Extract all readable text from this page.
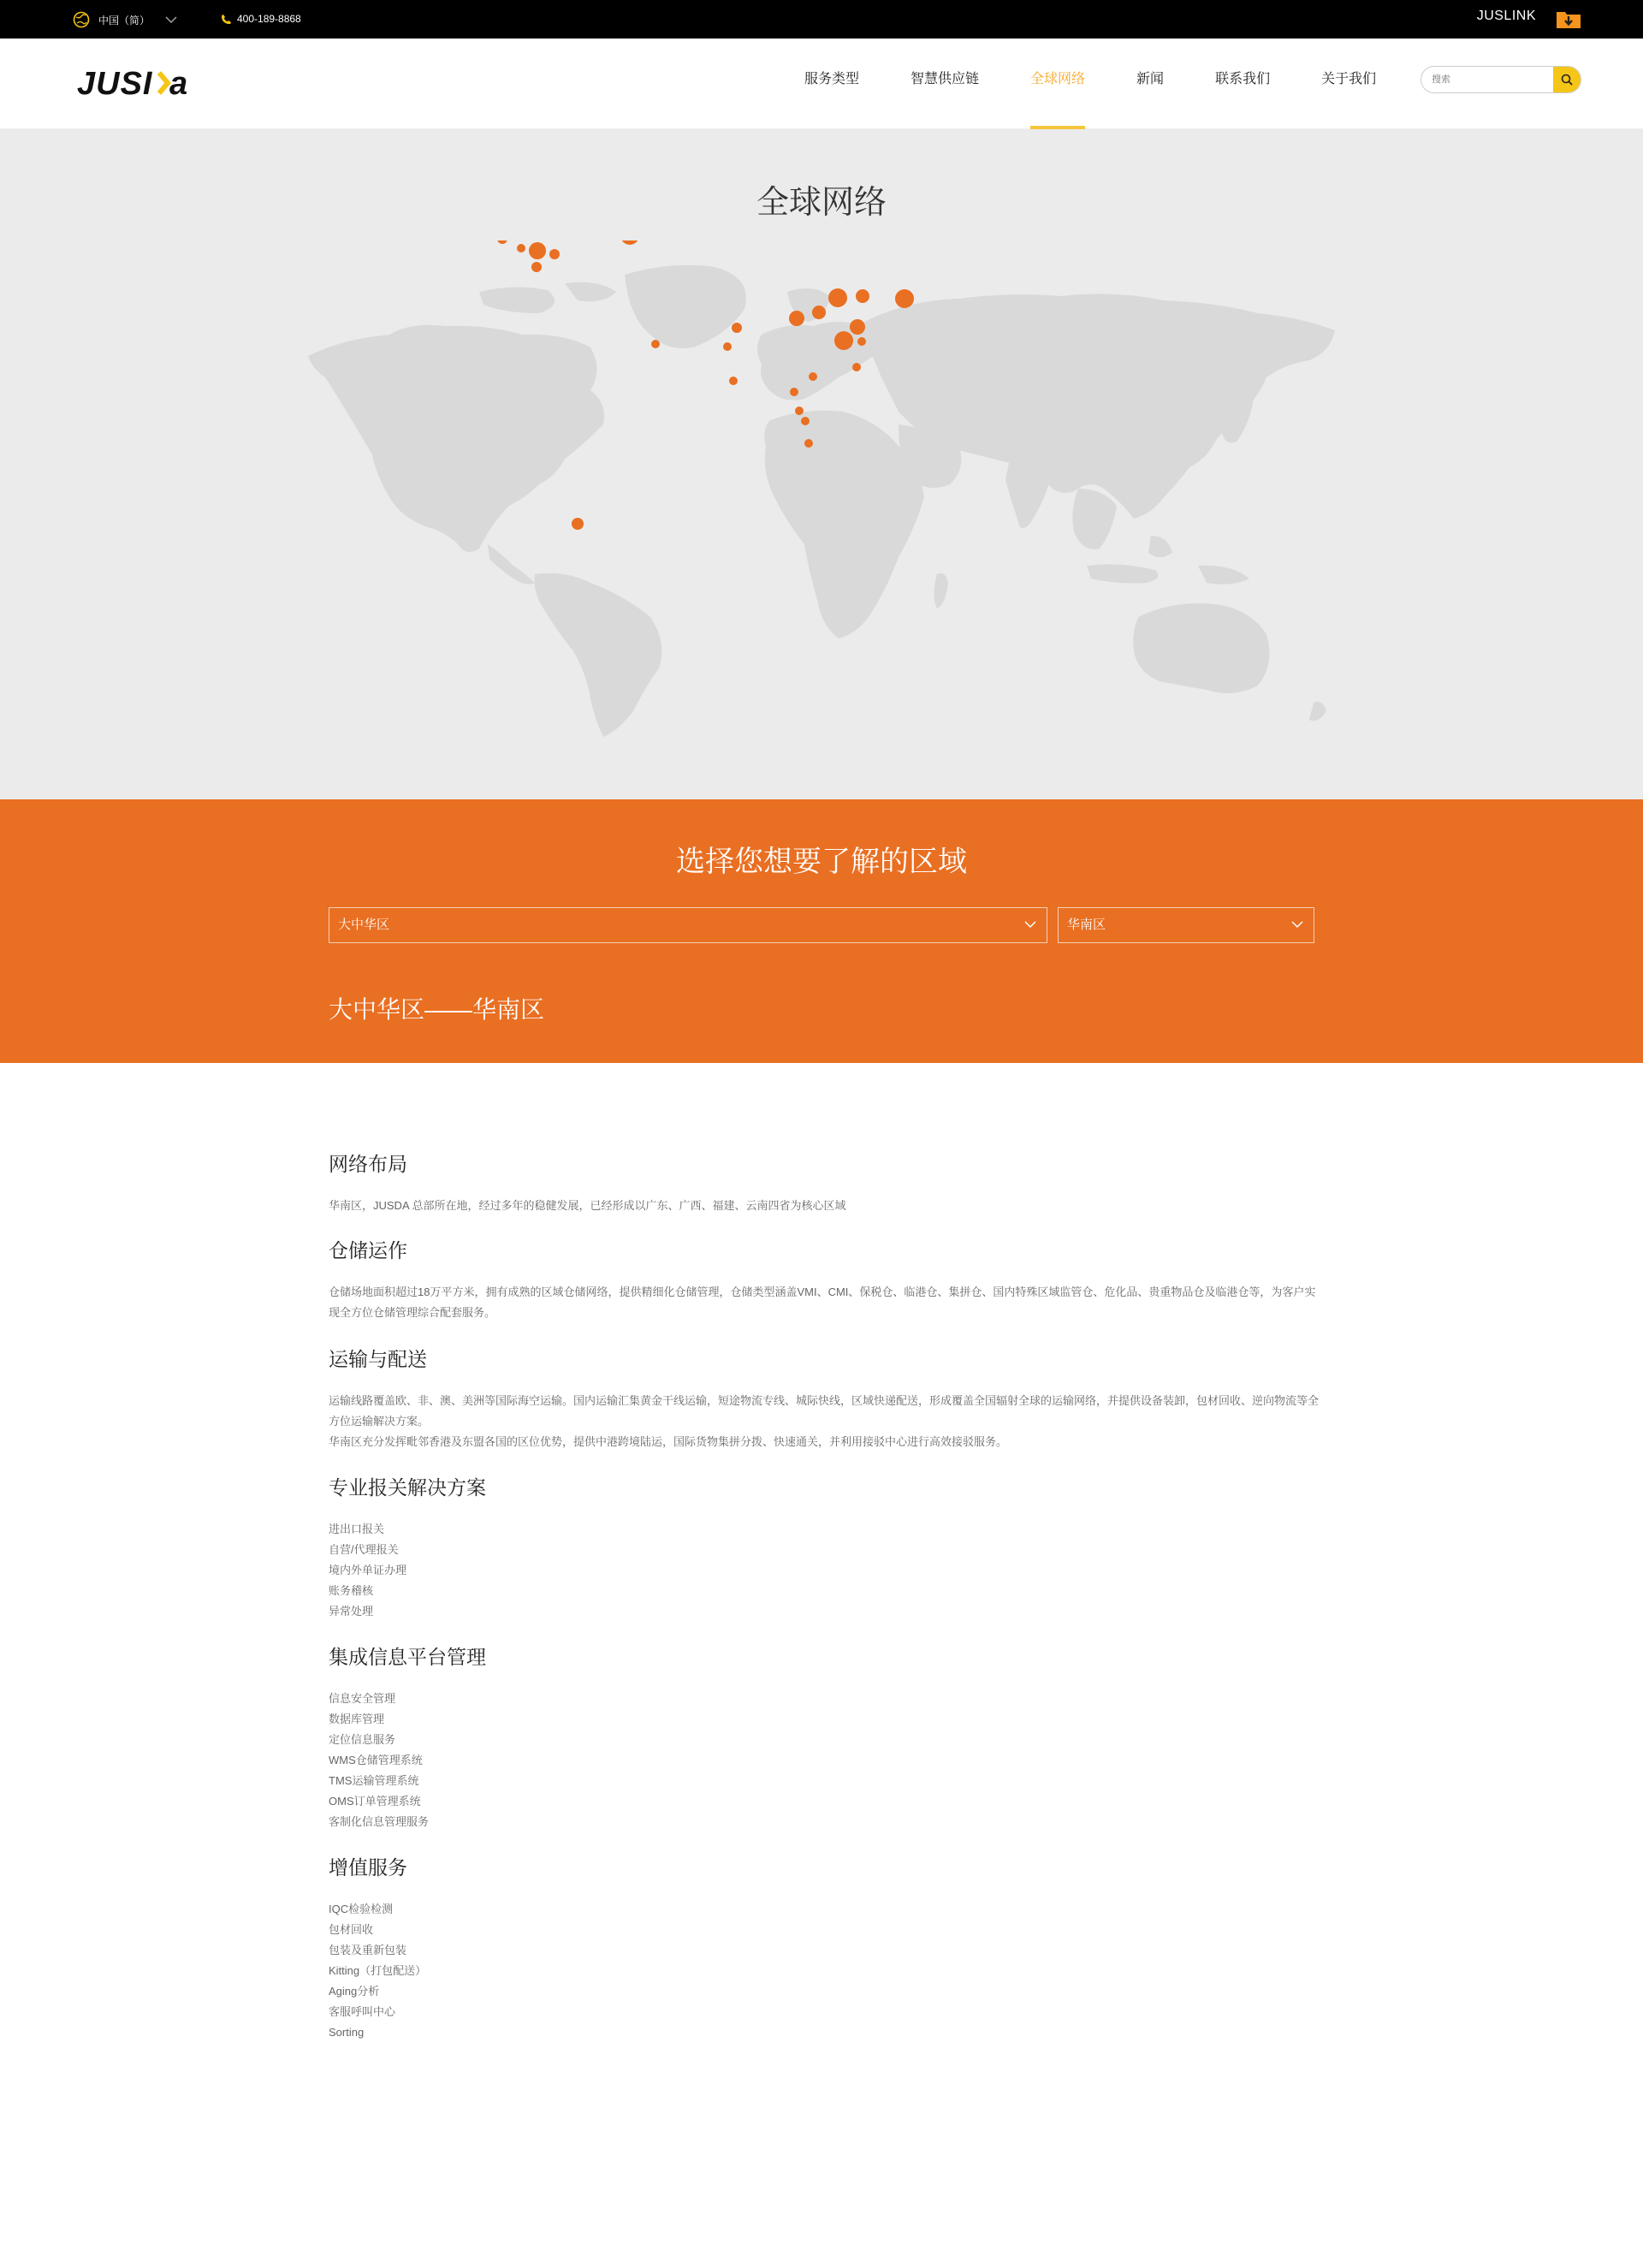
中国（简）	400-189-8868	JUSLINK
JUSI a	服务类型	智慧供应链	全球网络	新闻	联系我们	关于我们
搜索
全球网络
选择您想要了解的区域
大中华区	华南区
大中华区——华南区
网络布局

华南区，JUSDA 总部所在地，经过多年的稳健发展，已经形成以广东、广西、福建、云南四省为核心区域

仓储运作

仓储场地面积超过18万平方米，拥有成熟的区域仓储网络，提供精细化仓储管理，仓储类型涵盖VMI、CMI、保税仓、临港仓、集拼仓、国内特殊区域监管仓、危化品、贵重物品仓及临港仓等，为客户实现全方位仓储管理综合配套服务。

运输与配送

运输线路覆盖欧、非、澳、美洲等国际海空运输。国内运输汇集黄金干线运输，短途物流专线、城际快线，区域快递配送，形成覆盖全国辐射全球的运输网络，并提供设备装卸，包材回收、逆向物流等全方位运输解决方案。

华南区充分发挥毗邻香港及东盟各国的区位优势，提供中港跨境陆运，国际货物集拼分拨、快速通关，并利用接驳中心进行高效接驳服务。

专业报关解决方案
进出口报关
自营/代理报关
境内外单证办理
账务稽核
异常处理
集成信息平台管理
信息安全管理
数据库管理
定位信息服务
WMS仓储管理系统
TMS运输管理系统
OMS订单管理系统
客制化信息管理服务
增值服务
IQC检验检测
包材回收
包装及重新包装
Kitting（打包配送）
Aging分析
客服呼叫中心
Sorting
